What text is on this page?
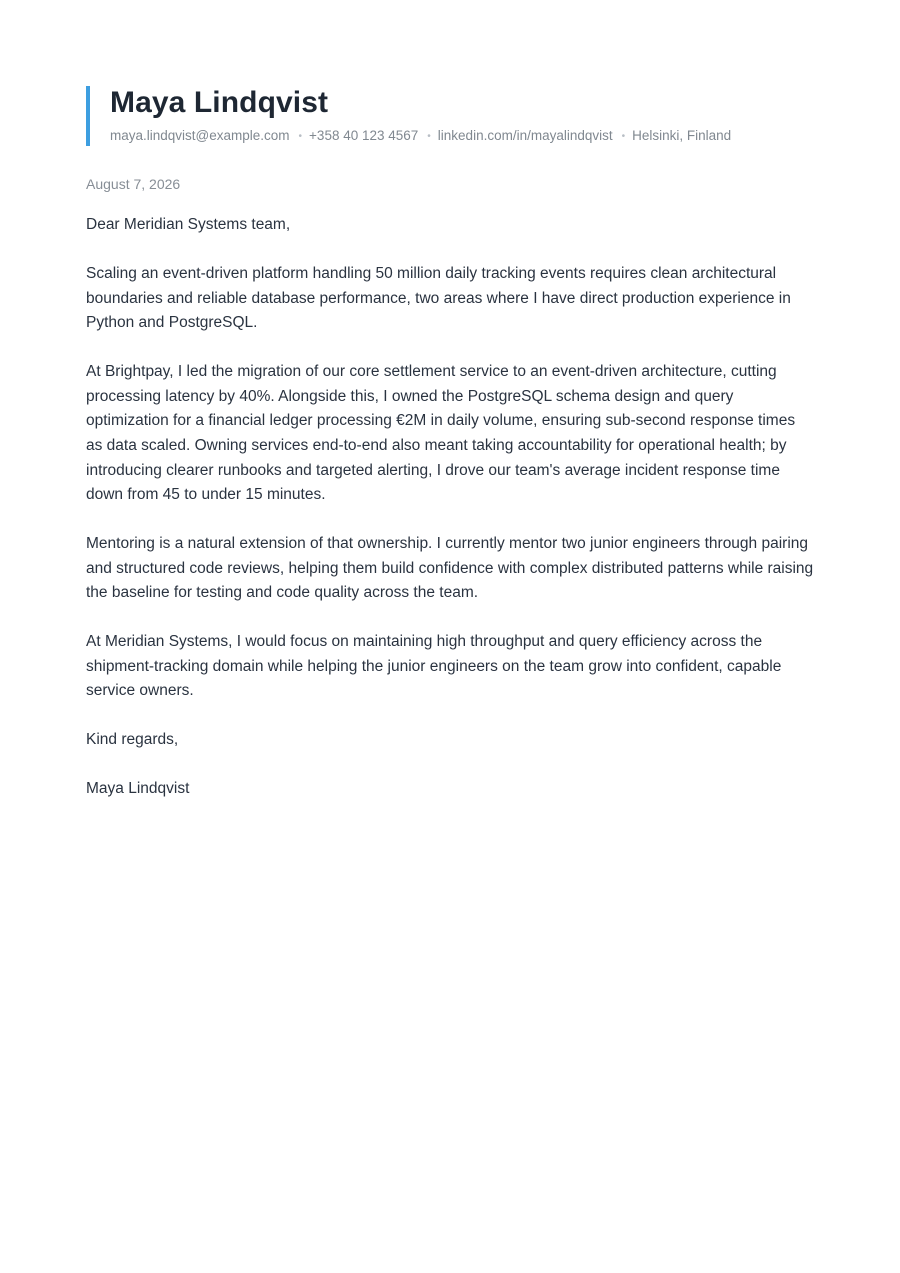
Maya Lindqvist
maya.lindqvist@example.com • +358 40 123 4567 • linkedin.com/in/mayalindqvist • Helsinki, Finland
August 7, 2026

Dear Meridian Systems team,

Scaling an event-driven platform handling 50 million daily tracking events requires clean architectural boundaries and reliable database performance, two areas where I have direct production experience in Python and PostgreSQL.

At Brightpay, I led the migration of our core settlement service to an event-driven architecture, cutting processing latency by 40%. Alongside this, I owned the PostgreSQL schema design and query optimization for a financial ledger processing €2M in daily volume, ensuring sub-second response times as data scaled. Owning services end-to-end also meant taking accountability for operational health; by introducing clearer runbooks and targeted alerting, I drove our team's average incident response time down from 45 to under 15 minutes.

Mentoring is a natural extension of that ownership. I currently mentor two junior engineers through pairing and structured code reviews, helping them build confidence with complex distributed patterns while raising the baseline for testing and code quality across the team.

At Meridian Systems, I would focus on maintaining high throughput and query efficiency across the shipment-tracking domain while helping the junior engineers on the team grow into confident, capable service owners.

Kind regards,

Maya Lindqvist
